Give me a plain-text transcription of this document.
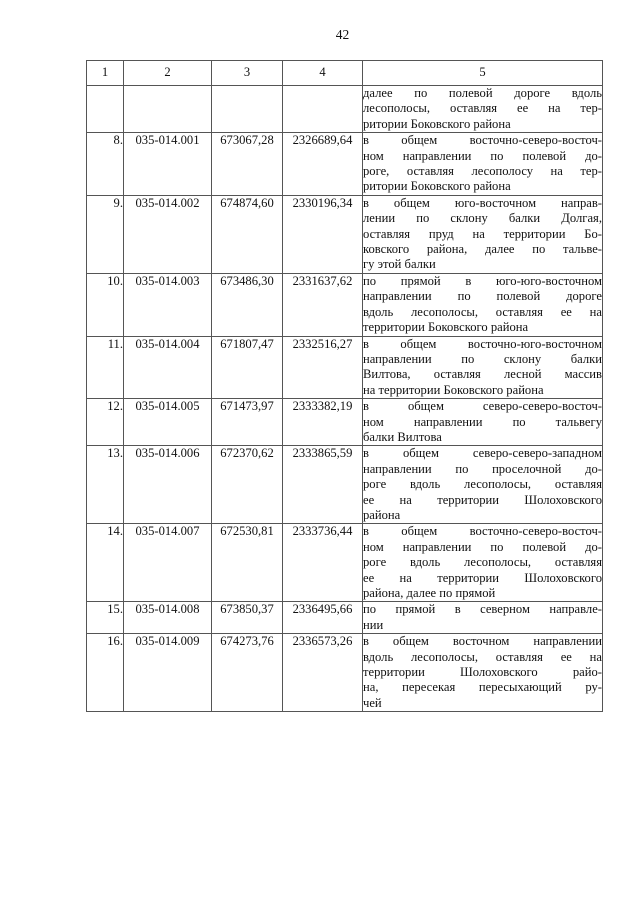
42
1	2	3	4	5

				далее по полевой дороге вдоль
лесополосы, оставляя ее на тер-
ритории Боковского района

8.	035-014.001	673067,28	2326689,64	в общем восточно-северо-восточ-
ном направлении по полевой до-
роге, оставляя лесополосу на тер-
ритории Боковского района

9.	035-014.002	674874,60	2330196,34	в общем юго-восточном направ-
лении по склону балки Долгая,
оставляя пруд на территории Бо-
ковского района, далее по тальве-
гу этой балки

10.	035-014.003	673486,30	2331637,62	по прямой в юго-юго-восточном
направлении по полевой дороге
вдоль лесополосы, оставляя ее на
территории Боковского района

11.	035-014.004	671807,47	2332516,27	в общем восточно-юго-восточном
направлении по склону балки
Вилтова, оставляя лесной массив
на территории Боковского района

12.	035-014.005	671473,97	2333382,19	в общем северо-северо-восточ-
ном направлении по тальвегу
балки Вилтова

13.	035-014.006	672370,62	2333865,59	в общем северо-северо-западном
направлении по проселочной до-
роге вдоль лесополосы, оставляя
ее на территории Шолоховского
района

14.	035-014.007	672530,81	2333736,44	в общем восточно-северо-восточ-
ном направлении по полевой до-
роге вдоль лесополосы, оставляя
ее на территории Шолоховского
района, далее по прямой

15.	035-014.008	673850,37	2336495,66	по прямой в северном направле-
нии

16.	035-014.009	674273,76	2336573,26	в общем восточном направлении
вдоль лесополосы, оставляя ее на
территории Шолоховского райо-
на, пересекая пересыхающий ру-
чей
